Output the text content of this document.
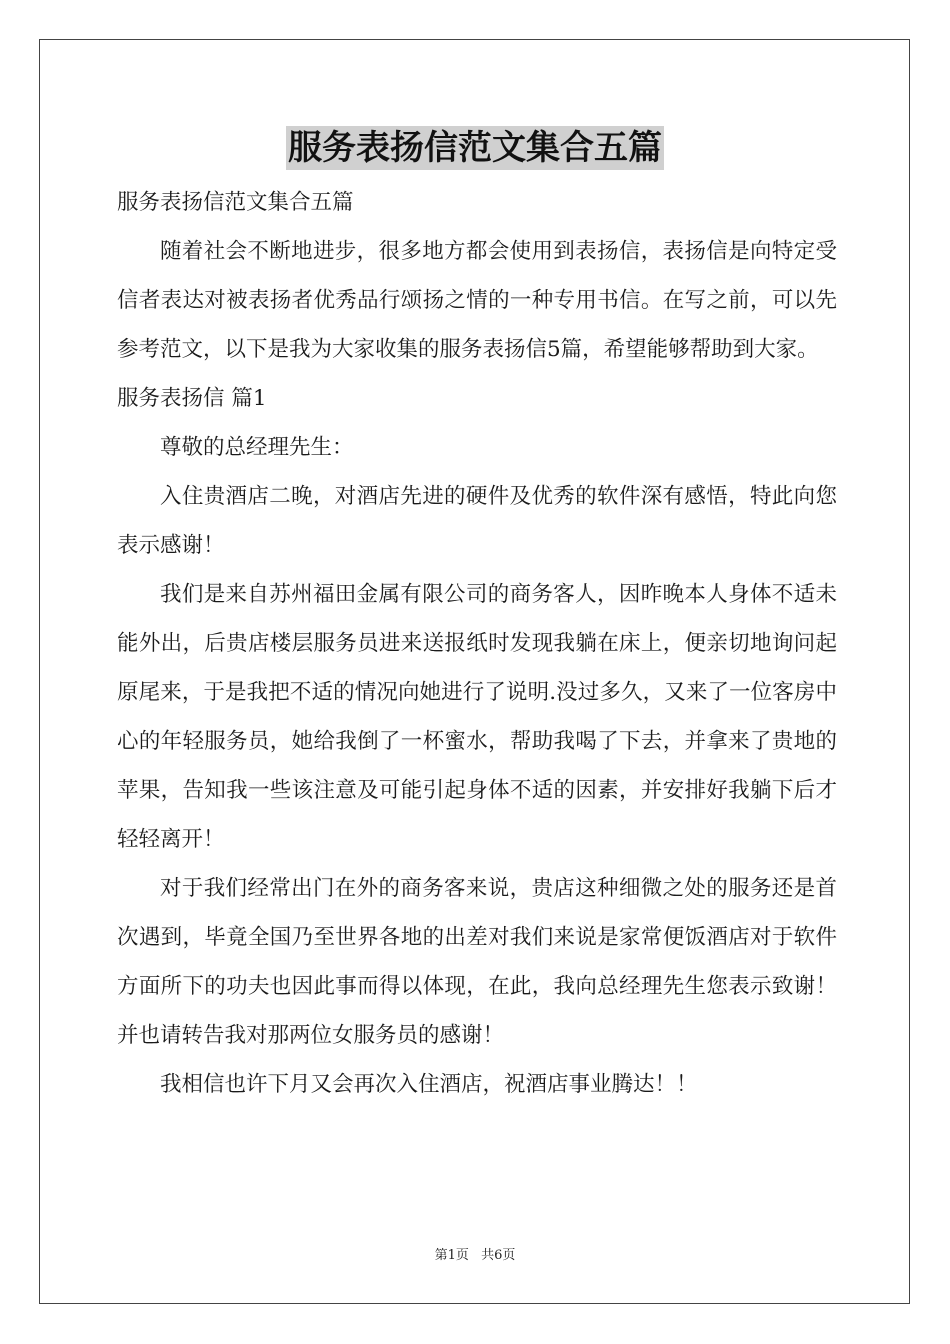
服务表扬信范文集合五篇

服务表扬信范文集合五篇

随着社会不断地进步，很多地方都会使用到表扬信，表扬信是向特定受信者表达对被表扬者优秀品行颂扬之情的一种专用书信。在写之前，可以先参考范文，以下是我为大家收集的服务表扬信5篇，希望能够帮助到大家。

服务表扬信 篇1

尊敬的总经理先生：

入住贵酒店二晚，对酒店先进的硬件及优秀的软件深有感悟，特此向您表示感谢！

我们是来自苏州福田金属有限公司的商务客人，因昨晚本人身体不适未能外出，后贵店楼层服务员进来送报纸时发现我躺在床上，便亲切地询问起原尾来，于是我把不适的情况向她进行了说明.没过多久，又来了一位客房中心的年轻服务员，她给我倒了一杯蜜水，帮助我喝了下去，并拿来了贵地的苹果，告知我一些该注意及可能引起身体不适的因素，并安排好我躺下后才轻轻离开！

对于我们经常出门在外的商务客来说，贵店这种细微之处的服务还是首次遇到，毕竟全国乃至世界各地的出差对我们来说是家常便饭酒店对于软件方面所下的功夫也因此事而得以体现，在此，我向总经理先生您表示致谢！并也请转告我对那两位女服务员的感谢！

我相信也许下月又会再次入住酒店，祝酒店事业腾达！！

第1页 共6页
